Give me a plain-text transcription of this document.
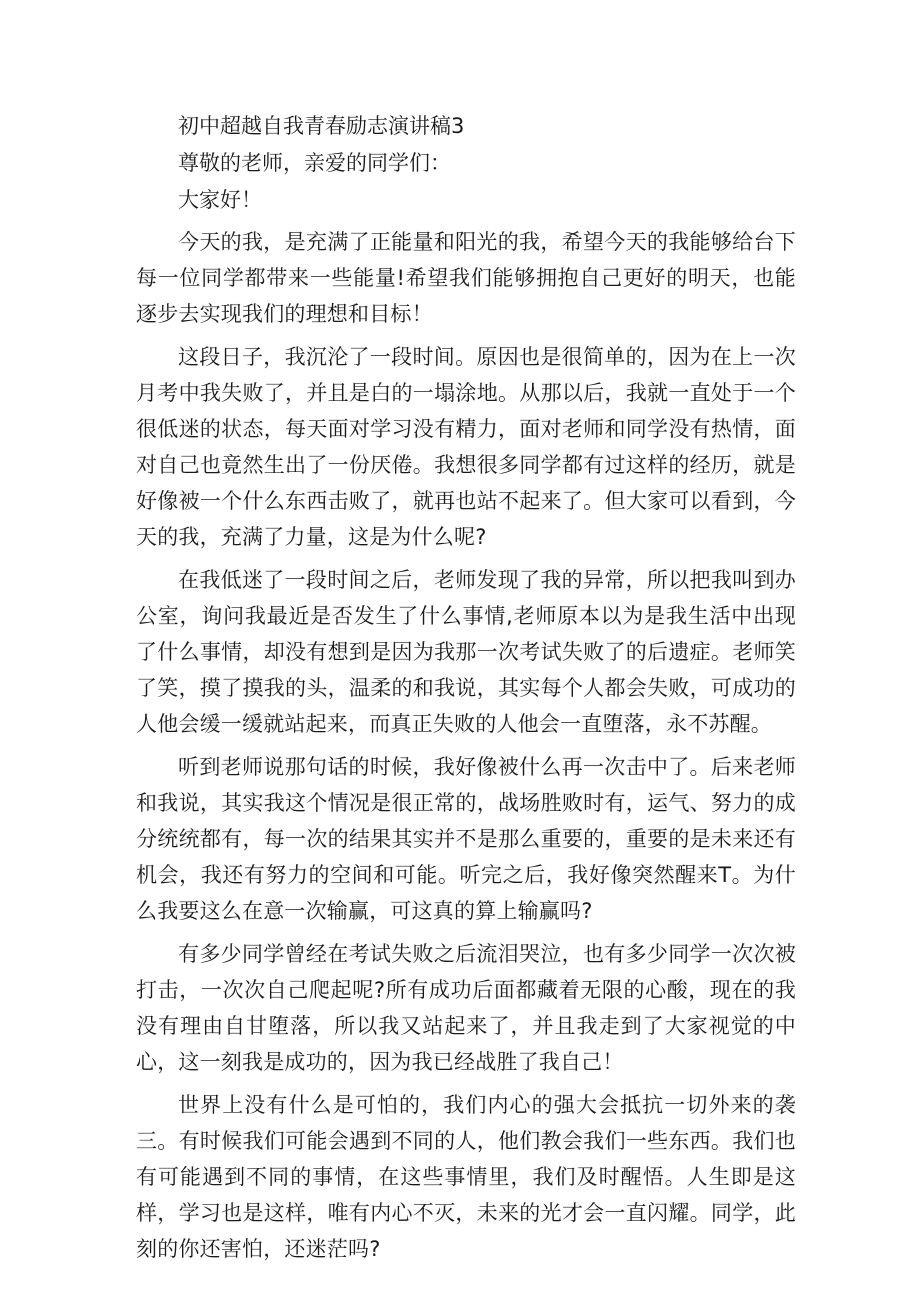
初中超越自我青春励志演讲稿3

尊敬的老师，亲爱的同学们：

大家好！

今天的我，是充满了正能量和阳光的我，希望今天的我能够给台下每一位同学都带来一些能量!希望我们能够拥抱自己更好的明天，也能逐步去实现我们的理想和目标！

这段日子，我沉沦了一段时间。原因也是很简单的，因为在上一次月考中我失败了，并且是白的一塌涂地。从那以后，我就一直处于一个很低迷的状态，每天面对学习没有精力，面对老师和同学没有热情，面对自己也竟然生出了一份厌倦。我想很多同学都有过这样的经历，就是好像被一个什么东西击败了，就再也站不起来了。但大家可以看到，今天的我，充满了力量，这是为什么呢?

在我低迷了一段时间之后，老师发现了我的异常，所以把我叫到办公室，询问我最近是否发生了什么事情,老师原本以为是我生活中出现了什么事情，却没有想到是因为我那一次考试失败了的后遗症。老师笑了笑，摸了摸我的头，温柔的和我说，其实每个人都会失败，可成功的人他会缓一缓就站起来，而真正失败的人他会一直堕落，永不苏醒。

听到老师说那句话的时候，我好像被什么再一次击中了。后来老师和我说，其实我这个情况是很正常的，战场胜败时有，运气、努力的成分统统都有，每一次的结果其实并不是那么重要的，重要的是未来还有机会，我还有努力的空间和可能。听完之后，我好像突然醒来T。为什么我要这么在意一次输赢，可这真的算上输赢吗?

有多少同学曾经在考试失败之后流泪哭泣，也有多少同学一次次被打击，一次次自己爬起呢?所有成功后面都藏着无限的心酸，现在的我没有理由自甘堕落，所以我又站起来了，并且我走到了大家视觉的中心，这一刻我是成功的，因为我已经战胜了我自己！

世界上没有什么是可怕的，我们内心的强大会抵抗一切外来的袭三。有时候我们可能会遇到不同的人，他们教会我们一些东西。我们也有可能遇到不同的事情，在这些事情里，我们及时醒悟。人生即是这样，学习也是这样，唯有内心不灭，未来的光才会一直闪耀。同学，此刻的你还害怕，还迷茫吗?
